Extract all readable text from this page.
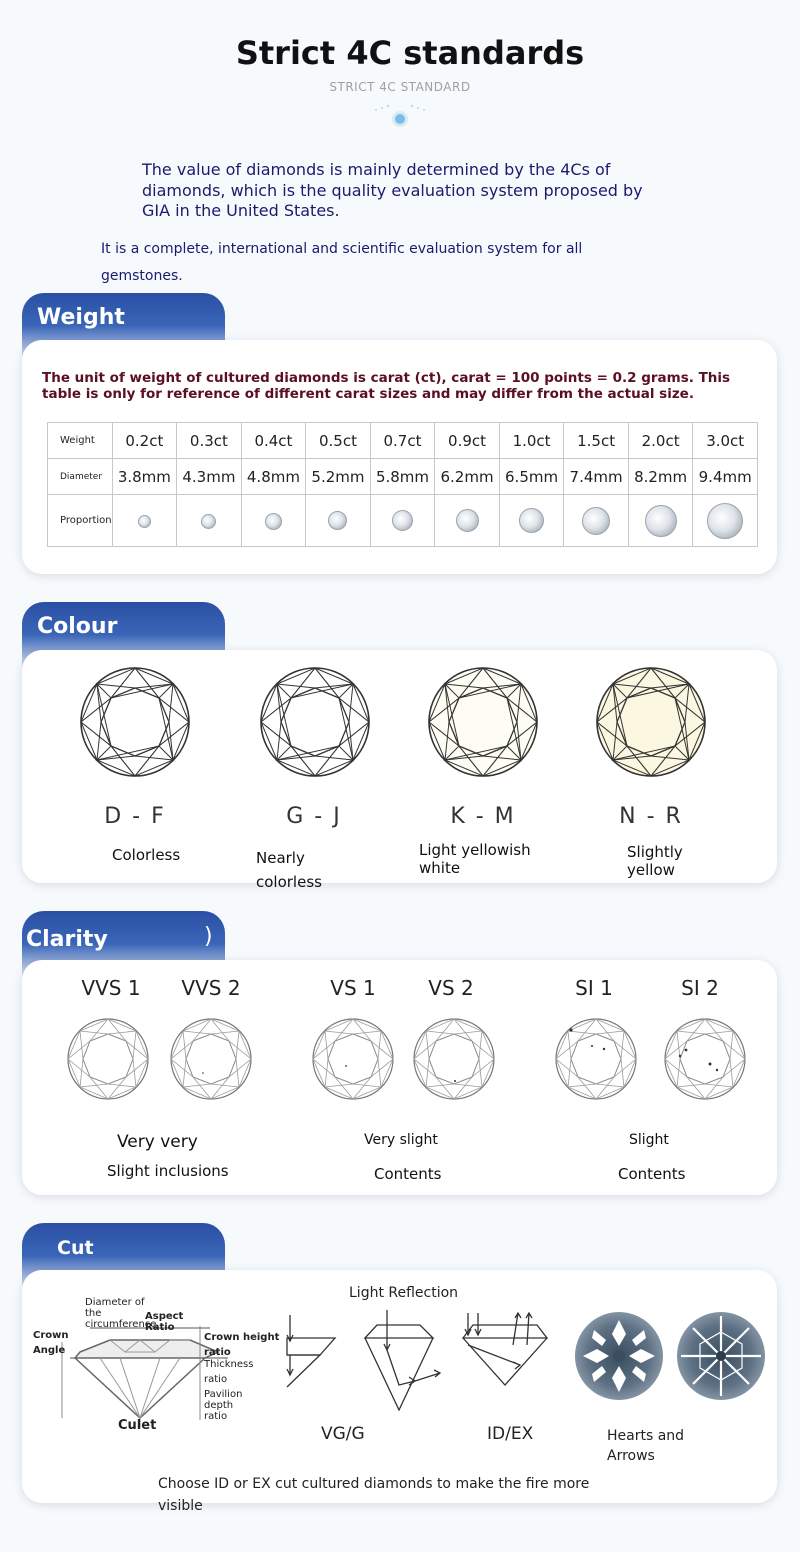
Strict 4C standards
STRICT 4C STANDARD
The value of diamonds is mainly determined by the 4Cs of diamonds, which is the quality evaluation system proposed by GIA in the United States.
It is a complete, international and scientific evaluation system for all gemstones.
Weight
The unit of weight of cultured diamonds is carat (ct), carat = 100 points = 0.2 grams. This table is only for reference of different carat sizes and may differ from the actual size.
Weight	0.2ct	0.3ct	0.4ct	0.5ct	0.7ct	0.9ct	1.0ct	1.5ct	2.0ct	3.0ct
Diameter	3.8mm	4.3mm	4.8mm	5.2mm	5.8mm	6.2mm	6.5mm	7.4mm	8.2mm	9.4mm
Proportion										
Colour
D - F	G - J	K - M	N - R
Colorless	Nearly colorless
Light yellowish white
Slightly yellow
Clarity	)
VVS 1	VVS 2	VS 1	VS 2	SI 1	SI 2
Very very
Slight inclusions
Very slight
Contents
Slight
Contents
Cut
Diameter of the circumference
Aspect Ratio
Crown Angle
Crown height ratio
Thickness ratio
Pavilion depth ratio
Culet
Light Reflection
VG/G	ID/EX	Hearts and Arrows
Choose ID or EX cut cultured diamonds to make the fire more visible
